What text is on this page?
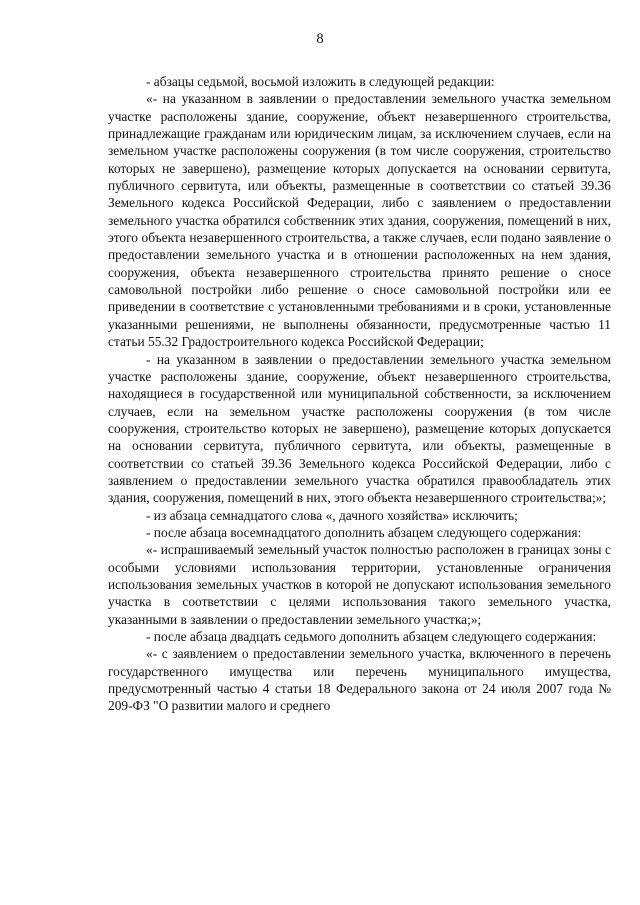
8

- абзацы седьмой, восьмой изложить в следующей редакции:

«- на указанном в заявлении о предоставлении земельного участка земельном участке расположены здание, сооружение, объект незавершенного строительства, принадлежащие гражданам или юридическим лицам, за исключением случаев, если на земельном участке расположены сооружения (в том числе сооружения, строительство которых не завершено), размещение которых допускается на основании сервитута, публичного сервитута, или объекты, размещенные в соответствии со статьей 39.36 Земельного кодекса Российской Федерации, либо с заявлением о предоставлении земельного участка обратился собственник этих здания, сооружения, помещений в них, этого объекта незавершенного строительства, а также случаев, если подано заявление о предоставлении земельного участка и в отношении расположенных на нем здания, сооружения, объекта незавершенного строительства принято решение о сносе самовольной постройки либо решение о сносе самовольной постройки или ее приведении в соответствие с установленными требованиями и в сроки, установленные указанными решениями, не выполнены обязанности, предусмотренные частью 11 статьи 55.32 Градостроительного кодекса Российской Федерации;

- на указанном в заявлении о предоставлении земельного участка земельном участке расположены здание, сооружение, объект незавершенного строительства, находящиеся в государственной или муниципальной собственности, за исключением случаев, если на земельном участке расположены сооружения (в том числе сооружения, строительство которых не завершено), размещение которых допускается на основании сервитута, публичного сервитута, или объекты, размещенные в соответствии со статьей 39.36 Земельного кодекса Российской Федерации, либо с заявлением о предоставлении земельного участка обратился правообладатель этих здания, сооружения, помещений в них, этого объекта незавершенного строительства;»;

- из абзаца семнадцатого слова «, дачного хозяйства» исключить;

- после абзаца восемнадцатого дополнить абзацем следующего содержания:

«- испрашиваемый земельный участок полностью расположен в границах зоны с особыми условиями использования территории, установленные ограничения использования земельных участков в которой не допускают использования земельного участка в соответствии с целями использования такого земельного участка, указанными в заявлении о предоставлении земельного участка;»;

- после абзаца двадцать седьмого дополнить абзацем следующего содержания:

«- с заявлением о предоставлении земельного участка, включенного в перечень государственного имущества или перечень муниципального имущества, предусмотренный частью 4 статьи 18 Федерального закона от 24 июля 2007 года № 209-ФЗ "О развитии малого и среднего
